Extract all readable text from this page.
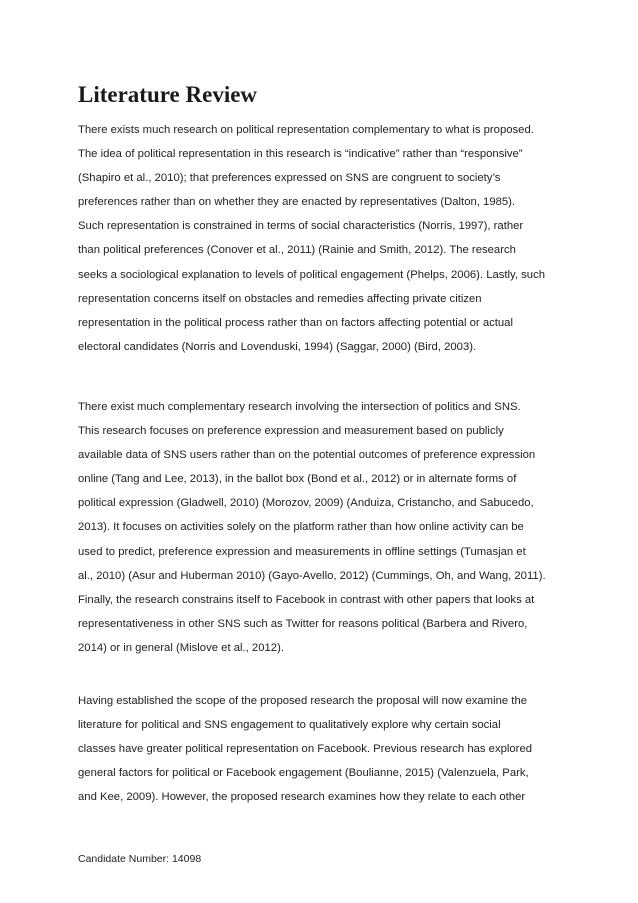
Literature Review
There exists much research on political representation complementary to what is proposed.
The idea of political representation in this research is “indicative” rather than “responsive”
(Shapiro et al., 2010); that preferences expressed on SNS are congruent to society’s
preferences rather than on whether they are enacted by representatives (Dalton, 1985).
Such representation is constrained in terms of social characteristics (Norris, 1997), rather
than political preferences (Conover et al., 2011) (Rainie and Smith, 2012). The research
seeks a sociological explanation to levels of political engagement (Phelps, 2006). Lastly, such
representation concerns itself on obstacles and remedies affecting private citizen
representation in the political process rather than on factors affecting potential or actual
electoral candidates (Norris and Lovenduski, 1994) (Saggar, 2000) (Bird, 2003).
There exist much complementary research involving the intersection of politics and SNS.
This research focuses on preference expression and measurement based on publicly
available data of SNS users rather than on the potential outcomes of preference expression
online (Tang and Lee, 2013), in the ballot box (Bond et al., 2012) or in alternate forms of
political expression (Gladwell, 2010) (Morozov, 2009) (Anduiza, Cristancho, and Sabucedo,
2013). It focuses on activities solely on the platform rather than how online activity can be
used to predict, preference expression and measurements in offline settings (Tumasjan et
al., 2010) (Asur and Huberman 2010) (Gayo-Avello, 2012) (Cummings, Oh, and Wang, 2011).
Finally, the research constrains itself to Facebook in contrast with other papers that looks at
representativeness in other SNS such as Twitter for reasons political (Barbera and Rivero,
2014) or in general (Mislove et al., 2012).
Having established the scope of the proposed research the proposal will now examine the
literature for political and SNS engagement to qualitatively explore why certain social
classes have greater political representation on Facebook. Previous research has explored
general factors for political or Facebook engagement (Boulianne, 2015) (Valenzuela, Park,
and Kee, 2009). However, the proposed research examines how they relate to each other
Candidate Number: 14098
